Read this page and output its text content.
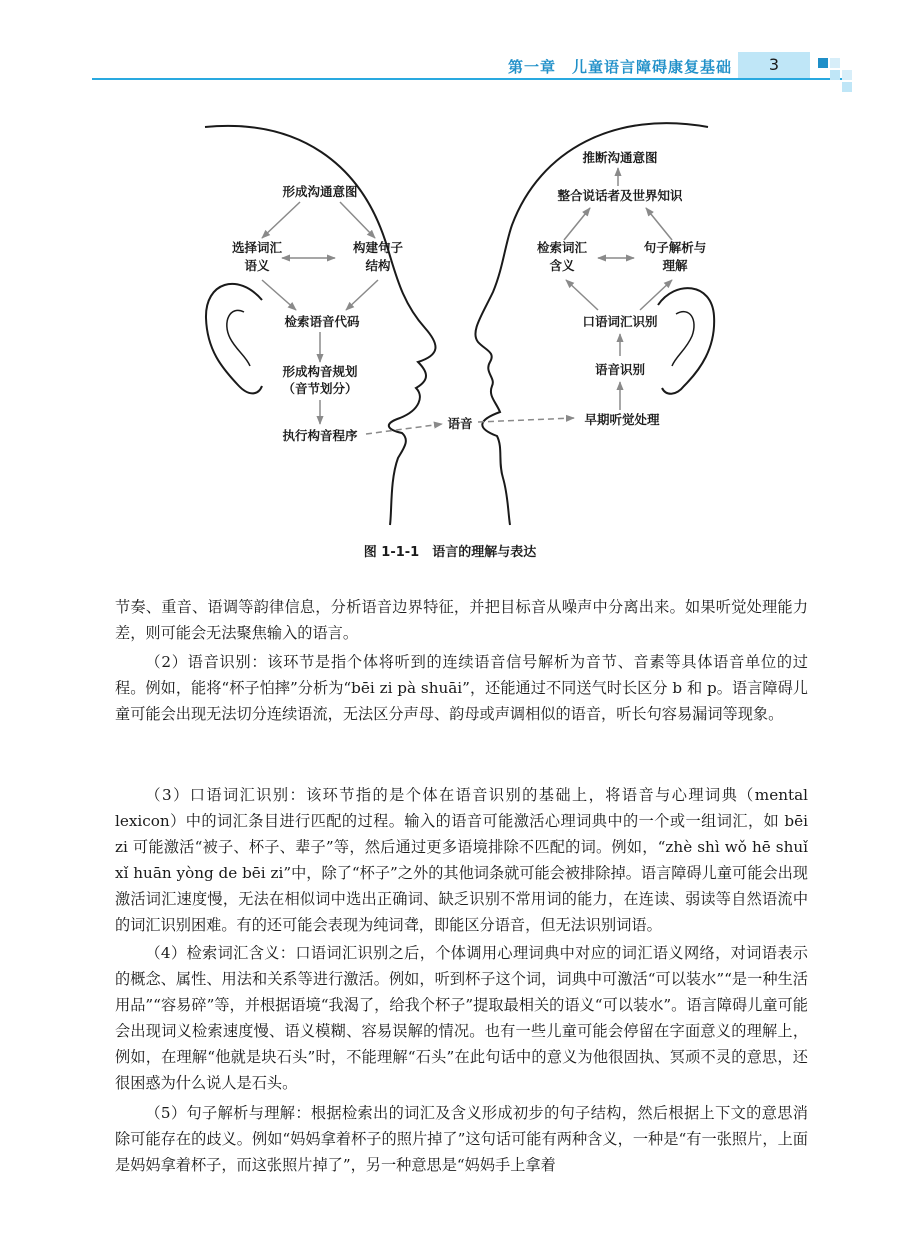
第一章　儿童语言障碍康复基础	3
形成沟通意图
选择词汇
语义
构建句子
结构
检索语音代码
形成构音规划
（音节划分）
执行构音程序
语音
推断沟通意图
整合说话者及世界知识
检索词汇
含义
句子解析与
理解
口语词汇识别
语音识别
早期听觉处理
图 1-1-1　语言的理解与表达

节奏、重音、语调等韵律信息，分析语音边界特征，并把目标音从噪声中分离出来。如果听觉处理能力差，则可能会无法聚焦输入的语言。

（2）语音识别：该环节是指个体将听到的连续语音信号解析为音节、音素等具体语音单位的过程。例如，能将“杯子怕摔”分析为“bēi zi pà shuāi”，还能通过不同送气时长区分 b 和 p。语言障碍儿童可能会出现无法切分连续语流，无法区分声母、韵母或声调相似的语音，听长句容易漏词等现象。

（3）口语词汇识别：该环节指的是个体在语音识别的基础上，将语音与心理词典（mental lexicon）中的词汇条目进行匹配的过程。输入的语音可能激活心理词典中的一个或一组词汇，如 bēi zi 可能激活“被子、杯子、辈子”等，然后通过更多语境排除不匹配的词。例如，“zhè shì wǒ hē shuǐ xǐ huān yòng de bēi zi”中，除了“杯子”之外的其他词条就可能会被排除掉。语言障碍儿童可能会出现激活词汇速度慢，无法在相似词中选出正确词、缺乏识别不常用词的能力，在连读、弱读等自然语流中的词汇识别困难。有的还可能会表现为纯词聋，即能区分语音，但无法识别词语。

（4）检索词汇含义：口语词汇识别之后，个体调用心理词典中对应的词汇语义网络，对词语表示的概念、属性、用法和关系等进行激活。例如，听到杯子这个词，词典中可激活“可以装水”“是一种生活用品”“容易碎”等，并根据语境“我渴了，给我个杯子”提取最相关的语义“可以装水”。语言障碍儿童可能会出现词义检索速度慢、语义模糊、容易误解的情况。也有一些儿童可能会停留在字面意义的理解上，例如，在理解“他就是块石头”时，不能理解“石头”在此句话中的意义为他很固执、冥顽不灵的意思，还很困惑为什么说人是石头。

（5）句子解析与理解：根据检索出的词汇及含义形成初步的句子结构，然后根据上下文的意思消除可能存在的歧义。例如“妈妈拿着杯子的照片掉了”这句话可能有两种含义，一种是“有一张照片，上面是妈妈拿着杯子，而这张照片掉了”，另一种意思是“妈妈手上拿着
